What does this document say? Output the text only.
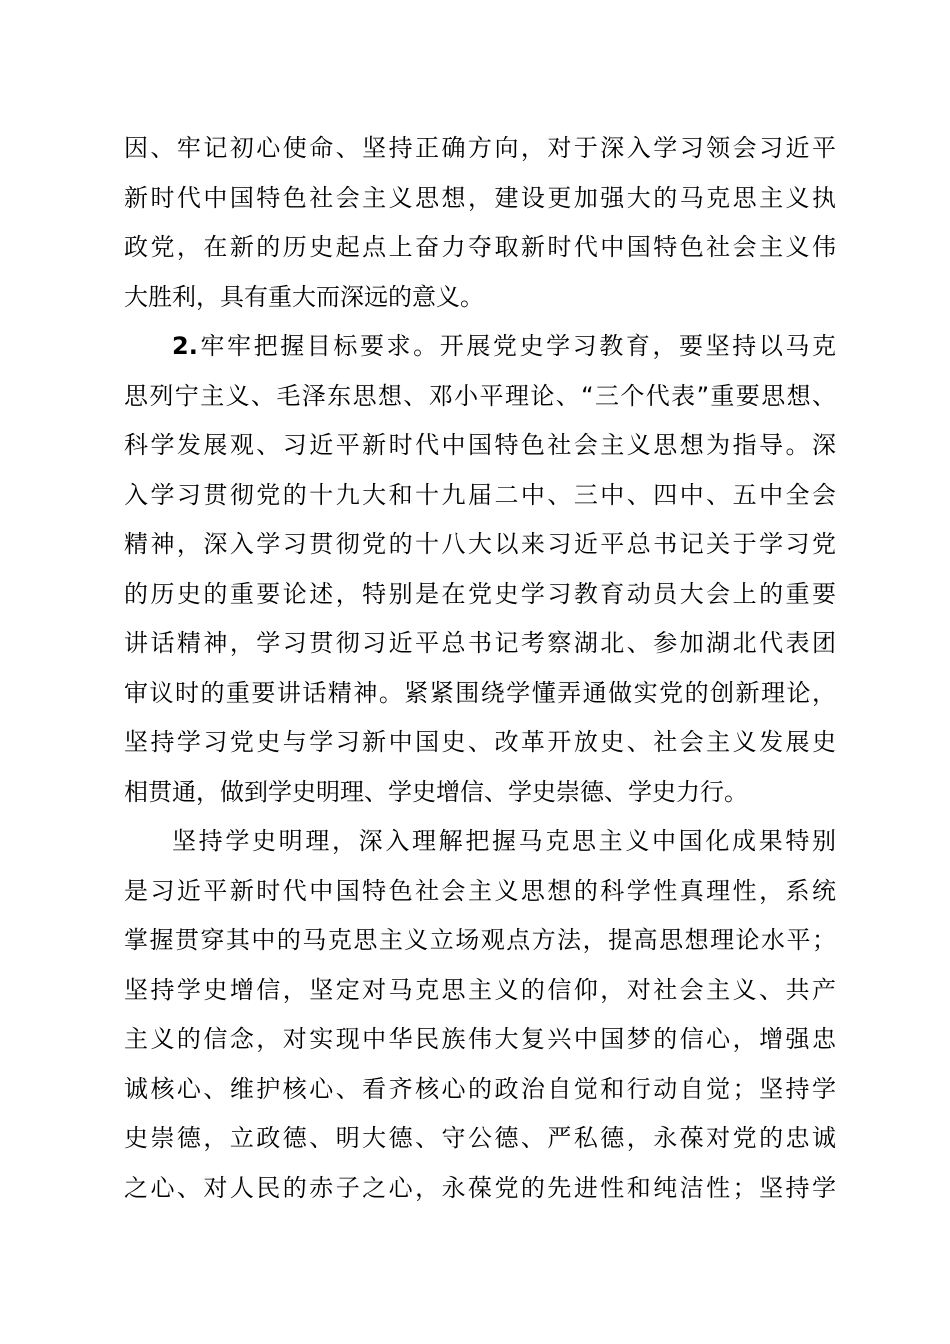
因、牢记初心使命、坚持正确方向，对于深入学习领会习近平
新时代中国特色社会主义思想，建设更加强大的马克思主义执
政党，在新的历史起点上奋力夺取新时代中国特色社会主义伟
大胜利，具有重大而深远的意义。
2.牢牢把握目标要求。开展党史学习教育，要坚持以马克
思列宁主义、毛泽东思想、邓小平理论、“三个代表”重要思想、
科学发展观、习近平新时代中国特色社会主义思想为指导。深
入学习贯彻党的十九大和十九届二中、三中、四中、五中全会
精神，深入学习贯彻党的十八大以来习近平总书记关于学习党
的历史的重要论述，特别是在党史学习教育动员大会上的重要
讲话精神，学习贯彻习近平总书记考察湖北、参加湖北代表团
审议时的重要讲话精神。紧紧围绕学懂弄通做实党的创新理论，
坚持学习党史与学习新中国史、改革开放史、社会主义发展史
相贯通，做到学史明理、学史增信、学史崇德、学史力行。
坚持学史明理，深入理解把握马克思主义中国化成果特别
是习近平新时代中国特色社会主义思想的科学性真理性，系统
掌握贯穿其中的马克思主义立场观点方法，提高思想理论水平；
坚持学史增信，坚定对马克思主义的信仰，对社会主义、共产
主义的信念，对实现中华民族伟大复兴中国梦的信心，增强忠
诚核心、维护核心、看齐核心的政治自觉和行动自觉；坚持学
史崇德，立政德、明大德、守公德、严私德，永葆对党的忠诚
之心、对人民的赤子之心，永葆党的先进性和纯洁性；坚持学
